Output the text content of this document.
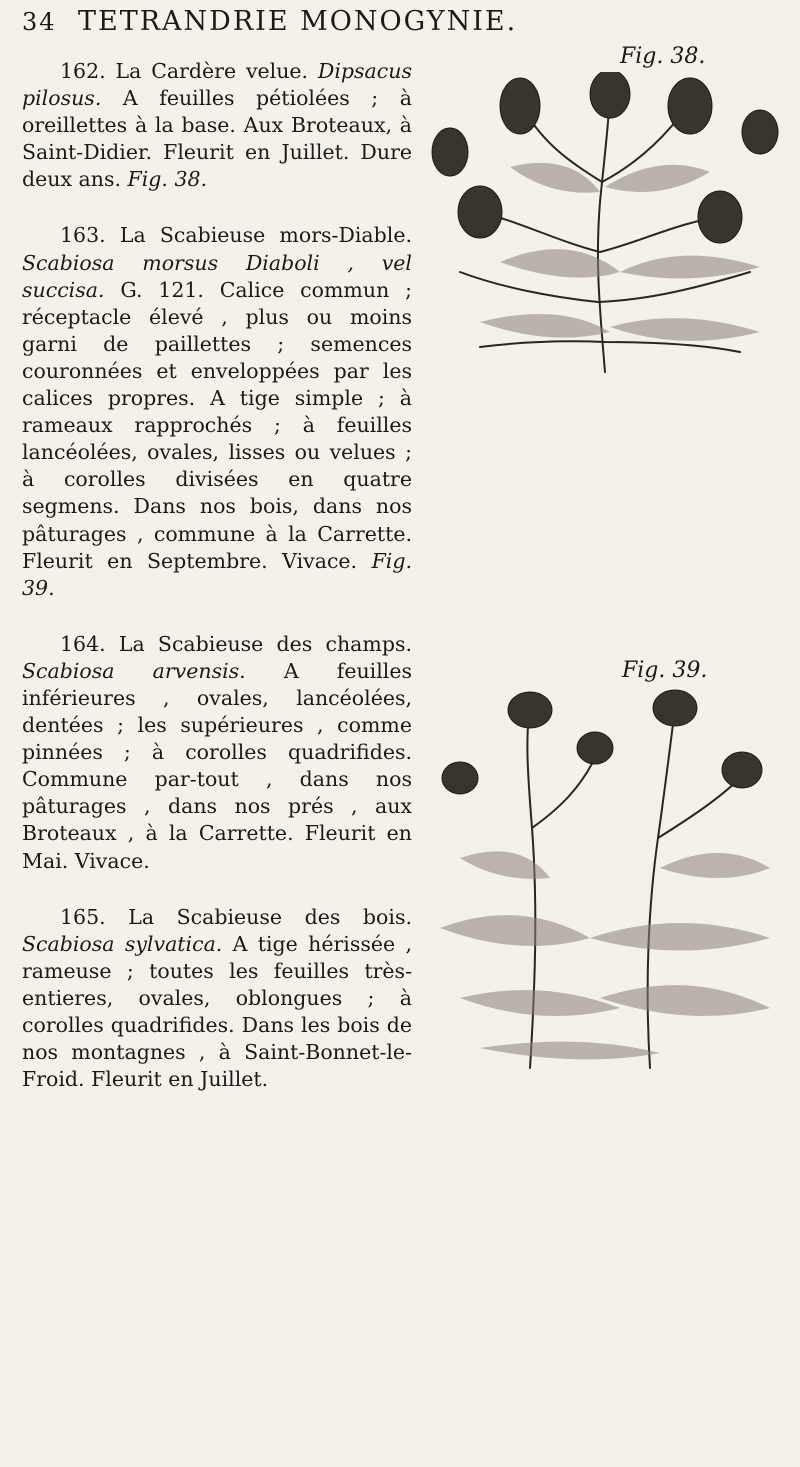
34 TETRANDRIE MONOGYNIE.

162. La Cardère velue. Dipsacus pilosus. A feuilles pétiolées ; à oreillettes à la base. Aux Broteaux, à Saint-Didier. Fleurit en Juillet. Dure deux ans. Fig. 38.

163. La Scabieuse mors-Diable. Scabiosa morsus Diaboli , vel succisa. G. 121. Calice commun ; réceptacle élevé , plus ou moins garni de paillettes ; semences couronnées et enveloppées par les calices propres. A tige simple ; à rameaux rapprochés ; à feuilles lancéolées, ovales, lisses ou velues ; à corolles divisées en quatre segmens. Dans nos bois, dans nos pâturages , commune à la Carrette. Fleurit en Septembre. Vivace. Fig. 39.

164. La Scabieuse des champs. Scabiosa arvensis. A feuilles inférieures , ovales, lancéolées, dentées ; les supérieures , comme pinnées ; à corolles quadrifides. Commune par-tout , dans nos pâturages , dans nos prés , aux Broteaux , à la Carrette. Fleurit en Mai. Vivace.

165. La Scabieuse des bois. Scabiosa sylvatica. A tige hérissée , rameuse ; toutes les feuilles très-entieres, ovales, oblongues ; à corolles quadrifides. Dans les bois de nos montagnes , à Saint-Bonnet-le-Froid. Fleurit en Juillet.

Fig. 38.
Fig. 39.
